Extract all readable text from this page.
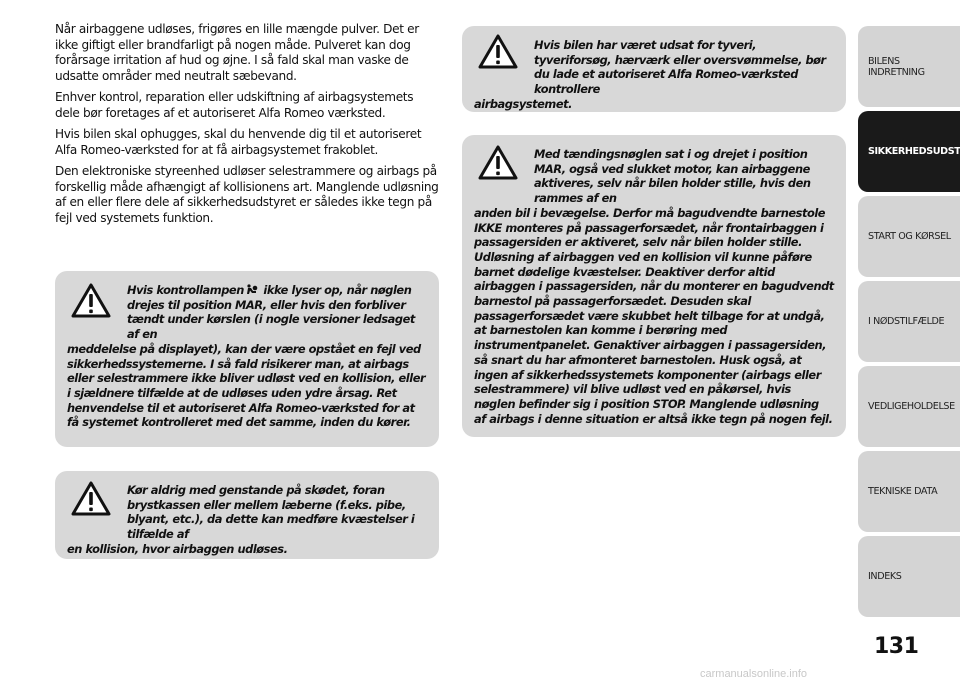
Når airbaggene udløses, frigøres en lille mængde pulver. Det er ikke giftigt eller brandfarligt på nogen måde. Pulveret kan dog forårsage irritation af hud og øjne. I så fald skal man vaske de udsatte områder med neutralt sæbevand.

Enhver kontrol, reparation eller udskiftning af airbagsystemets dele bør foretages af et autoriseret Alfa Romeo værksted.

Hvis bilen skal ophugges, skal du henvende dig til et autoriseret Alfa Romeo-værksted for at få airbagsystemet frakoblet.

Den elektroniske styreenhed udløser selestrammere og airbags på forskellig måde afhængigt af kollisionens art. Manglende udløsning af en eller flere dele af sikkerhedsudstyret er således ikke tegn på fejl ved systemets funktion.

Hvis kontrollampen ikke lyser op, når nøglen drejes til position MAR, eller hvis den forbliver tændt under kørslen (i nogle versioner ledsaget af en
meddelelse på displayet), kan der være opstået en fejl ved sikkerhedssystemerne. I så fald risikerer man, at airbags eller selestrammere ikke bliver udløst ved en kollision, eller i sjældnere tilfælde at de udløses uden ydre årsag. Ret henvendelse til et autoriseret Alfa Romeo-værksted for at få systemet kontrolleret med det samme, inden du kører.
Kør aldrig med genstande på skødet, foran brystkassen eller mellem læberne (f.eks. pibe, blyant, etc.), da dette kan medføre kvæstelser i tilfælde af
en kollision, hvor airbaggen udløses.
Hvis bilen har været udsat for tyveri, tyveriforsøg, hærværk eller oversvømmelse, bør du lade et autoriseret Alfa Romeo-værksted kontrollere
airbagsystemet.
Med tændingsnøglen sat i og drejet i position MAR, også ved slukket motor, kan airbaggene aktiveres, selv når bilen holder stille, hvis den rammes af en
anden bil i bevægelse. Derfor må bagudvendte barnestole IKKE monteres på passagerforsædet, når frontairbaggen i passagersiden er aktiveret, selv når bilen holder stille. Udløsning af airbaggen ved en kollision vil kunne påføre barnet dødelige kvæstelser. Deaktiver derfor altid airbaggen i passagersiden, når du monterer en bagudvendt barnestol på passagerforsædet. Desuden skal passagerforsædet være skubbet helt tilbage for at undgå, at barnestolen kan komme i berøring med instrumentpanelet. Genaktiver airbaggen i passagersiden, så snart du har afmonteret barnestolen. Husk også, at ingen af sikkerhedssystemets komponenter (airbags eller selestrammere) vil blive udløst ved en påkørsel, hvis nøglen befinder sig i position STOP. Manglende udløsning af airbags i denne situation er altså ikke tegn på nogen fejl.
BILENS INDRETNING
SIKKERHEDSUDSTYR
START OG KØRSEL
I NØDSTILFÆLDE
VEDLIGEHOLDELSE
TEKNISKE DATA
INDEKS
131
carmanualsonline.info
